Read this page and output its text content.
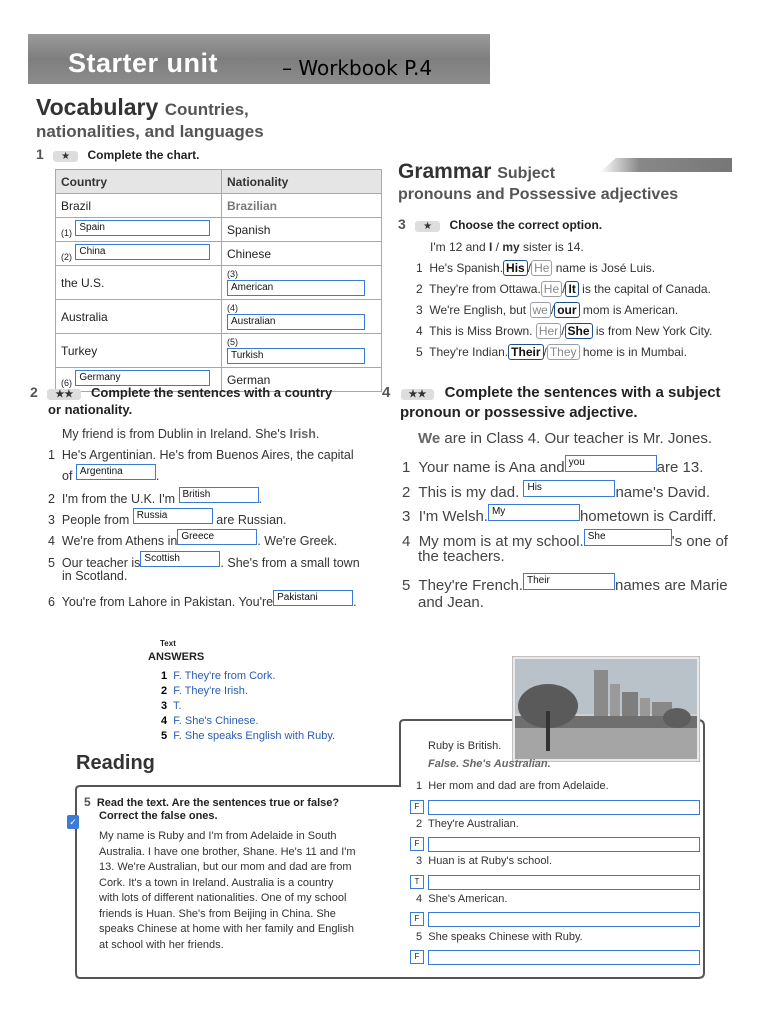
Starter unit	– Workbook P.4
Vocabulary Countries,
nationalities, and languages
1 ★ Complete the chart.
Country	Nationality
Brazil	Brazilian
(1) Spain	Spanish
(2) China	Chinese
the U.S.	(3) American
Australia	(4) Australian
Turkey	(5) Turkish
(6) Germany	German
Grammar Subject
pronouns and Possessive adjectives
3 ★ Choose the correct option.
I'm 12 and I / my sister is 14.
1 He's Spanish. His / He name is José Luis.
2 They're from Ottawa. He / It is the capital of Canada.
3 We're English, but we / our mom is American.
4 This is Miss Brown. Her / She is from New York City.
5 They're Indian. Their / They home is in Mumbai.
2 ★★ Complete the sentences with a country
or nationality.
My friend is from Dublin in Ireland. She's Irish.
1 He's Argentinian. He's from Buenos Aires, the capital
of Argentina	.
2 I'm from the U.K. I'm British	.
3 People from Russia	are Russian.
4 We're from Athens in Greece	. We're Greek.
5 Our teacher is Scottish	. She's from a small town
in Scotland.
6 You're from Lahore in Pakistan. You're Pakistani	.
4 ★★ Complete the sentences with a subject
pronoun or possessive adjective.
We are in Class 4. Our teacher is Mr. Jones.
1 Your name is Ana and you	are 13.
2 This is my dad. His	name's David.
3 I'm Welsh. My	hometown is Cardiff.
4 My mom is at my school. She	's one of
the teachers.
5 They're French. Their	names are Marie
and Jean.
Text
ANSWERS
1 F. They're from Cork.
2 F. They're Irish.
3 T.
4 F. She's Chinese.
5 F. She speaks English with Ruby.
Reading
5 Read the text. Are the sentences true or false?
Correct the false ones.
✓
My name is Ruby and I'm from Adelaide in South
Australia. I have one brother, Shane. He's 11 and I'm
13. We're Australian, but our mom and dad are from
Cork. It's a town in Ireland. Australia is a country
with lots of different nationalities. One of my school
friends is Huan. She's from Beijing in China. She
speaks Chinese at home with her family and English
at school with her friends.
Ruby is British.
False. She's Australian.
1 Her mom and dad are from Adelaide.
F
2 They're Australian.
F
3 Huan is at Ruby's school.
T
4 She's American.
F
5 She speaks Chinese with Ruby.
F
